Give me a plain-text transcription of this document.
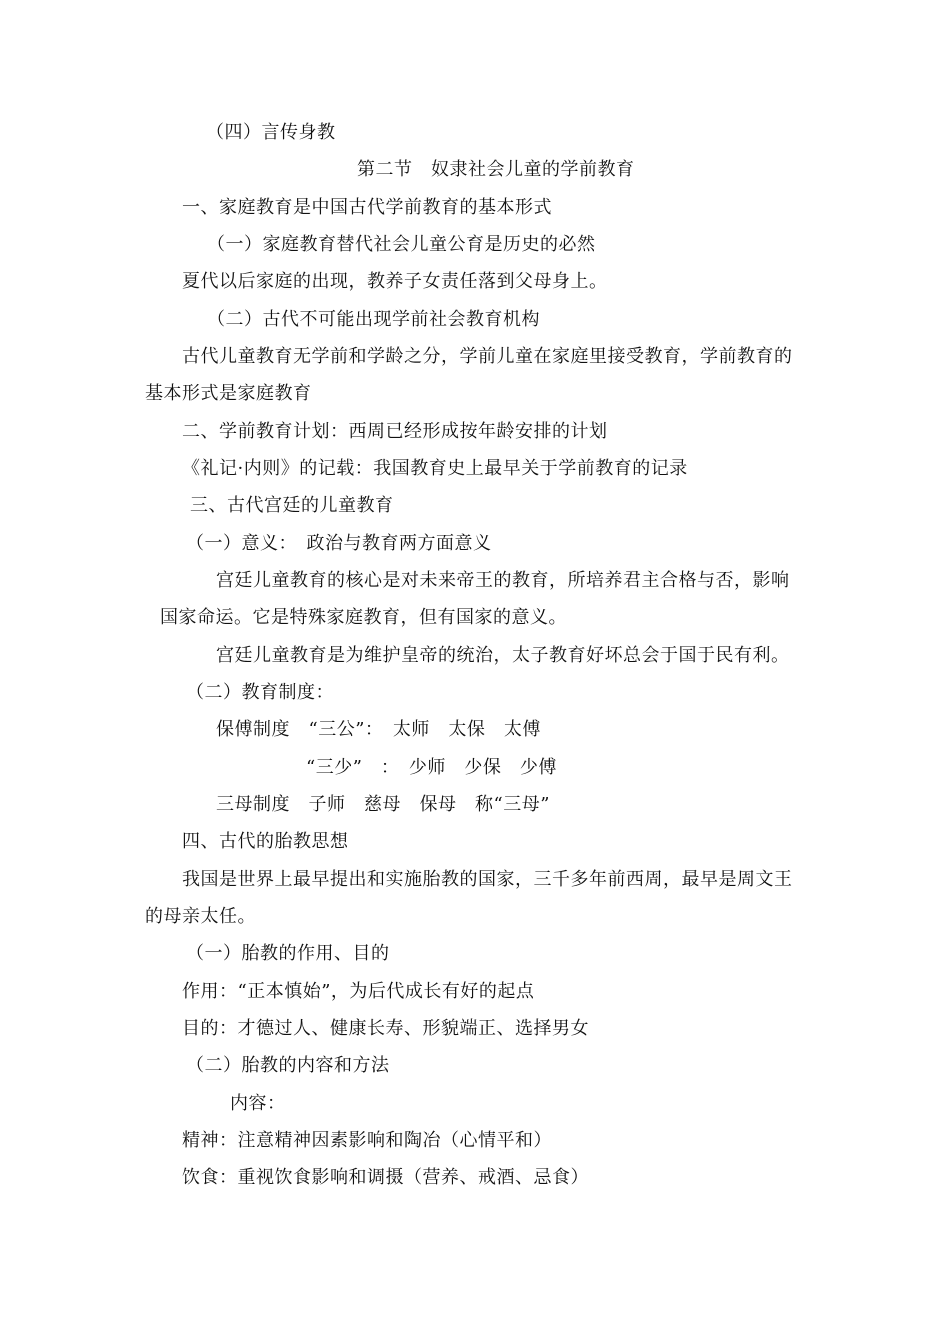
（四）言传身教
第二节　奴隶社会儿童的学前教育
一、家庭教育是中国古代学前教育的基本形式
（一）家庭教育替代社会儿童公育是历史的必然
夏代以后家庭的出现，教养子女责任落到父母身上。
（二）古代不可能出现学前社会教育机构
古代儿童教育无学前和学龄之分，学前儿童在家庭里接受教育，学前教育的
基本形式是家庭教育
二、学前教育计划：西周已经形成按年龄安排的计划
《礼记·内则》的记载：我国教育史上最早关于学前教育的记录
三、古代宫廷的儿童教育
（一）意义：　政治与教育两方面意义
宫廷儿童教育的核心是对未来帝王的教育，所培养君主合格与否，影响
国家命运。它是特殊家庭教育，但有国家的意义。
宫廷儿童教育是为维护皇帝的统治，太子教育好坏总会于国于民有利。
（二）教育制度：
保傅制度　“三公”：　太师　太保　太傅
“三少”　：　少师　少保　少傅
三母制度　子师　慈母　保母　称“三母”
四、古代的胎教思想
我国是世界上最早提出和实施胎教的国家，三千多年前西周，最早是周文王
的母亲太任。
（一）胎教的作用、目的
作用：“正本慎始”，为后代成长有好的起点
目的：才德过人、健康长寿、形貌端正、选择男女
（二）胎教的内容和方法
内容：
精神：注意精神因素影响和陶冶（心情平和）
饮食：重视饮食影响和调摄（营养、戒酒、忌食）
